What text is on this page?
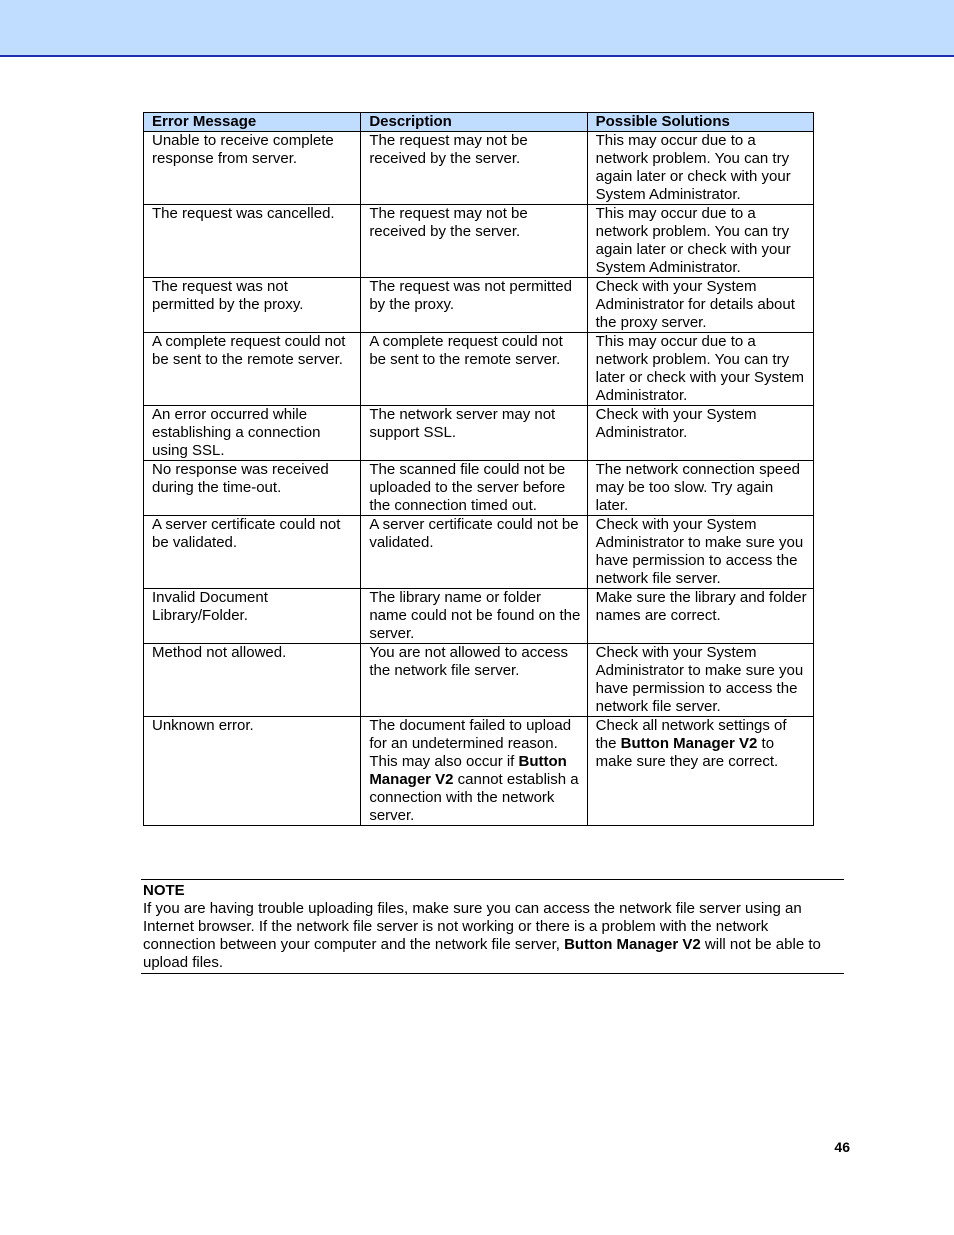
Error Message	Description	Possible Solutions
Unable to receive complete response from server.	The request may not be received by the server.	This may occur due to a network problem. You can try again later or check with your System Administrator.
The request was cancelled.	The request may not be received by the server.	This may occur due to a network problem. You can try again later or check with your System Administrator.
The request was not permitted by the proxy.	The request was not permitted by the proxy.	Check with your System Administrator for details about the proxy server.
A complete request could not be sent to the remote server.	A complete request could not be sent to the remote server.	This may occur due to a network problem. You can try later or check with your System Administrator.
An error occurred while establishing a connection using SSL.	The network server may not support SSL.	Check with your System Administrator.
No response was received during the time-out.	The scanned file could not be uploaded to the server before the connection timed out.	The network connection speed may be too slow. Try again later.
A server certificate could not be validated.	A server certificate could not be validated.	Check with your System Administrator to make sure you have permission to access the network file server.
Invalid Document Library/Folder.	The library name or folder name could not be found on the server.	Make sure the library and folder names are correct.
Method not allowed.	You are not allowed to access the network file server.	Check with your System Administrator to make sure you have permission to access the network file server.
Unknown error.	The document failed to upload for an undetermined reason. This may also occur if Button Manager V2 cannot establish a connection with the network server.	Check all network settings of the Button Manager V2 to make sure they are correct.
NOTE
If you are having trouble uploading files, make sure you can access the network file server using an Internet browser. If the network file server is not working or there is a problem with the network connection between your computer and the network file server, Button Manager V2 will not be able to upload files.
46
